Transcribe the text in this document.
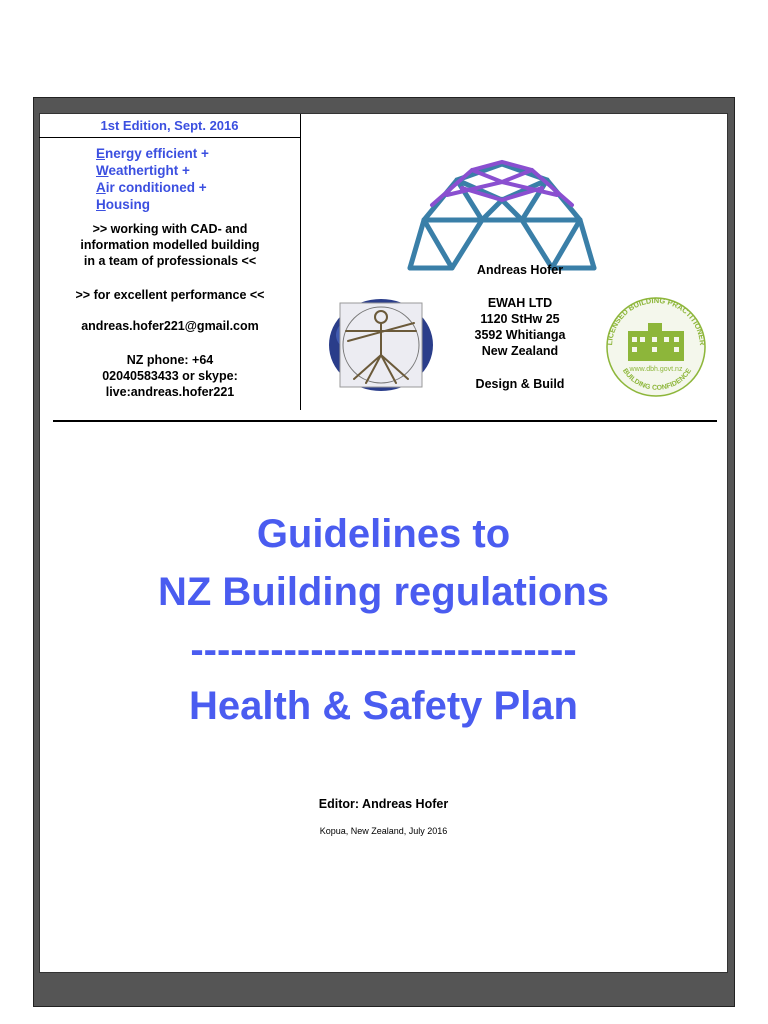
1st Edition, Sept. 2016
Energy efficient +
Weathertight +
Air conditioned +
Housing
>> working with CAD- and
information modelled building
in a team of professionals <<
>> for excellent performance <<
andreas.hofer221@gmail.com
NZ phone: +64
02040583433 or skype:
live:andreas.hofer221
Andreas Hofer
EWAH LTD
1120 StHw 25
3592 Whitianga
New Zealand
Design & Build
LICENSED BUILDING PRACTITIONER
www.dbh.govt.nz
BUILDING CONFIDENCE
Guidelines to
NZ Building regulations
-----------------------------
Health & Safety Plan
Editor: Andreas Hofer
Kopua, New Zealand, July 2016
